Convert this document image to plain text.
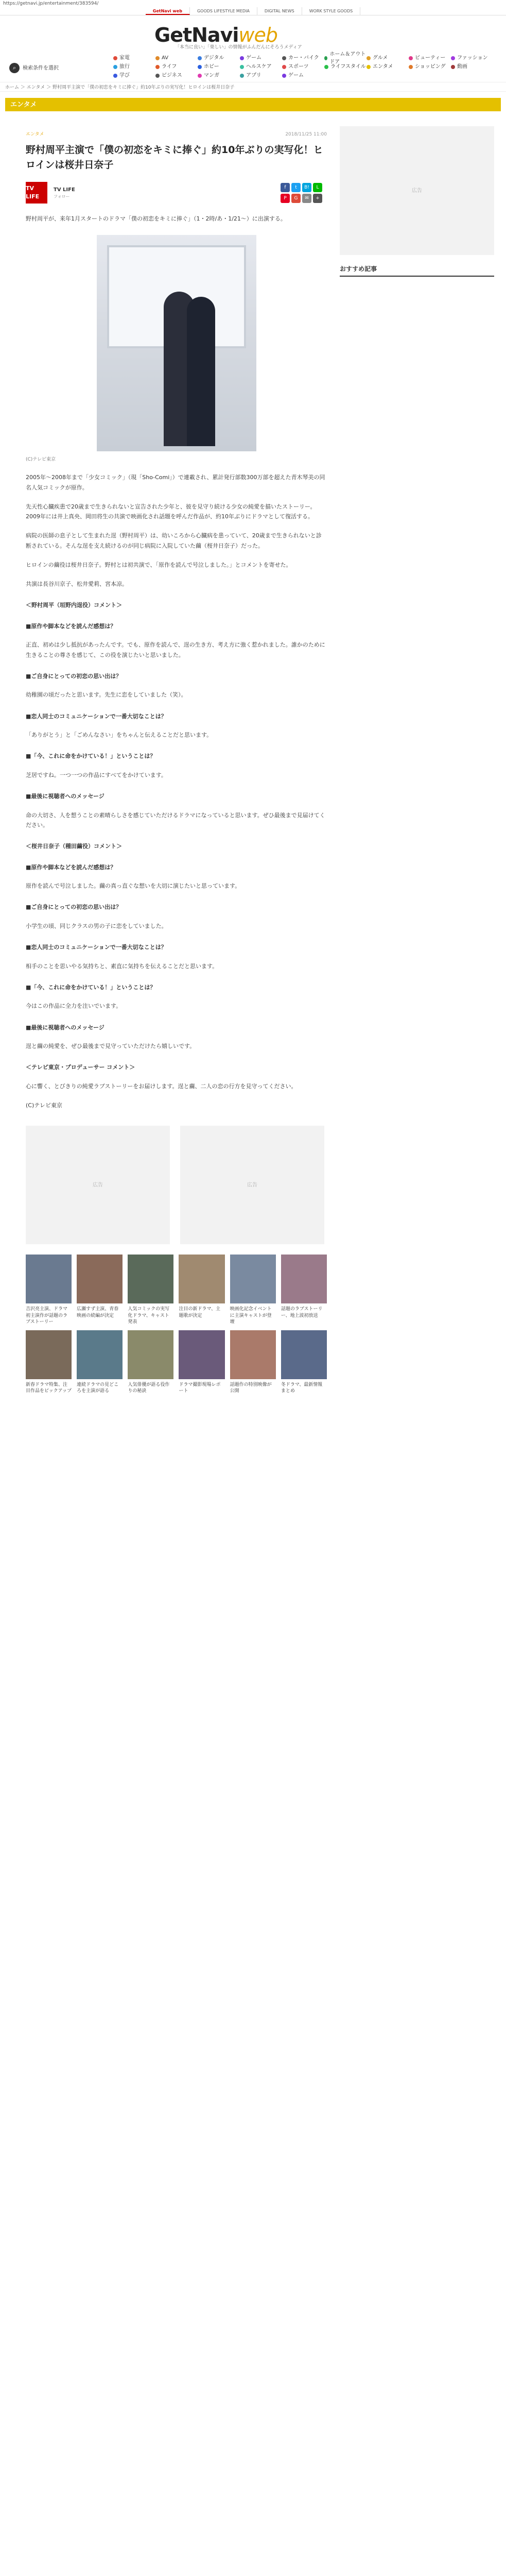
https://getnavi.jp/entertainment/383594/
GetNavi web	GOODS LIFESTYLE MEDIA	DIGITAL NEWS	WORK STYLE GOODS
GetNaviweb
「本当に良い」「楽しい」の情報がふんだんにそろうメディア
⌕	検索条件を選択
家電	AV	デジタル	ゲーム	カー・バイク
ホーム＆アウトドア
グルメ	ビューティー ファッション
旅行	ライフ	ホビー	ヘルスケア	スポーツ	ライフスタイル エンタメ	ショッピング 動画
学び	ビジネス	マンガ	アプリ	ゲーム
ホーム ＞ エンタメ ＞ 野村周平主演で「僕の初恋をキミに捧ぐ」約10年ぶりの実写化！ヒロインは桜井日奈子
エンタメ
エンタメ	2018/11/25 11:00
野村周平主演で「僕の初恋をキミに捧ぐ」約10年ぶりの実写化！ヒロインは桜井日奈子
TV LIFE
TV LIFE
フォロー
f	t	B!	L
P	G	✉	+

野村周平が、来年1月スタートのドラマ「僕の初恋をキミに捧ぐ」（1・2時/あ・1/21～）に出演する。

(C)テレビ東京

2005年～2008年まで「少女コミック」（現「Sho-Comi」）で連載され、累計発行部数300万部を超えた青木琴美の同名人気コミックが原作。

先天性心臓疾患で20歳まで生きられないと宣告された少年と、彼を見守り続ける少女の純愛を描いたストーリー。2009年には井上真央、岡田将生の共演で映画化され話題を呼んだ作品が、約10年ぶりにドラマとして復活する。

病院の医師の息子として生まれた逞（野村周平）は、幼いころから心臓病を患っていて、20歳まで生きられないと診断されている。そんな逞を支え続けるのが同じ病院に入院していた繭（桜井日奈子）だった。

ヒロインの繭役は桜井日奈子。野村とは初共演で、「原作を読んで号泣しました。」とコメントを寄せた。

共演は長谷川京子、松井愛莉、宮本凉。

＜野村周平（垣野内逞役）コメント＞
■原作や脚本などを読んだ感想は？

正直、初めは少し抵抗があったんです。でも、原作を読んで、逞の生き方、考え方に強く惹かれました。誰かのために生きることの尊さを感じて、この役を演じたいと思いました。

■ご自身にとっての初恋の思い出は？

幼稚園の頃だったと思います。先生に恋をしていました（笑）。

■恋人同士のコミュニケーションで一番大切なことは？

「ありがとう」と「ごめんなさい」をちゃんと伝えることだと思います。

■「今、これに命をかけている！」ということは？

芝居ですね。一つ一つの作品にすべてをかけています。

■最後に視聴者へのメッセージ

命の大切さ、人を想うことの素晴らしさを感じていただけるドラマになっていると思います。ぜひ最後まで見届けてください。

＜桜井日奈子（種田繭役）コメント＞
■原作や脚本などを読んだ感想は？

原作を読んで号泣しました。繭の真っ直ぐな想いを大切に演じたいと思っています。

■ご自身にとっての初恋の思い出は？

小学生の頃、同じクラスの男の子に恋をしていました。

■恋人同士のコミュニケーションで一番大切なことは？

相手のことを思いやる気持ちと、素直に気持ちを伝えることだと思います。

■「今、これに命をかけている！」ということは？

今はこの作品に全力を注いでいます。

■最後に視聴者へのメッセージ

逞と繭の純愛を、ぜひ最後まで見守っていただけたら嬉しいです。

＜テレビ東京・プロデューサー コメント＞

心に響く、とびきりの純愛ラブストーリーをお届けします。逞と繭、二人の恋の行方を見守ってください。

(C)テレビ東京

広告	広告
吉沢亮主演、ドラマ初主演作が話題のラブストーリー
広瀬すず主演、青春映画の続編が決定
人気コミックの実写化ドラマ、キャスト発表
注目の新ドラマ、主題歌が決定
映画化記念イベントに主演キャストが登壇
話題のラブストーリー、地上波初放送
新春ドラマ特集、注目作品をピックアップ
連続ドラマの見どころを主演が語る
人気俳優が語る役作りの秘訣
ドラマ撮影現場レポート
話題作の特別映像が公開
冬ドラマ、最新情報まとめ
広告
おすすめ記事
